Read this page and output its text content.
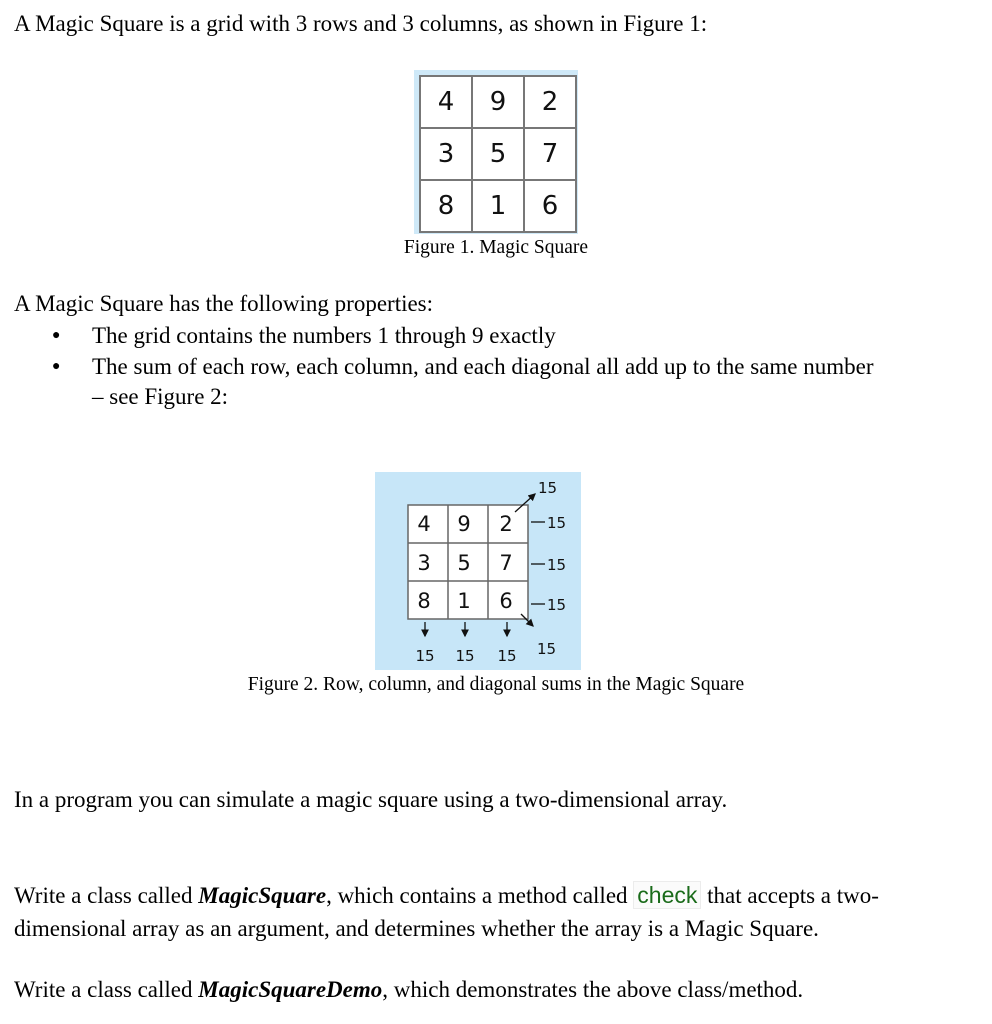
A Magic Square is a grid with 3 rows and 3 columns, as shown in Figure 1:

4	9	2
3	5	7
8	1	6
Figure 1. Magic Square

A Magic Square has the following properties:

● The grid contains the numbers 1 through 9 exactly

● The sum of each row, each column, and each diagonal all add up to the same number

– see Figure 2:

4 9 2
3 5 7
8 1 6
15
15
15
15
15 15 15 15
Figure 2. Row, column, and diagonal sums in the Magic Square

In a program you can simulate a magic square using a two-dimensional array.

Write a class called MagicSquare, which contains a method called check that accepts a two-

dimensional array as an argument, and determines whether the array is a Magic Square.

Write a class called MagicSquareDemo, which demonstrates the above class/method.
